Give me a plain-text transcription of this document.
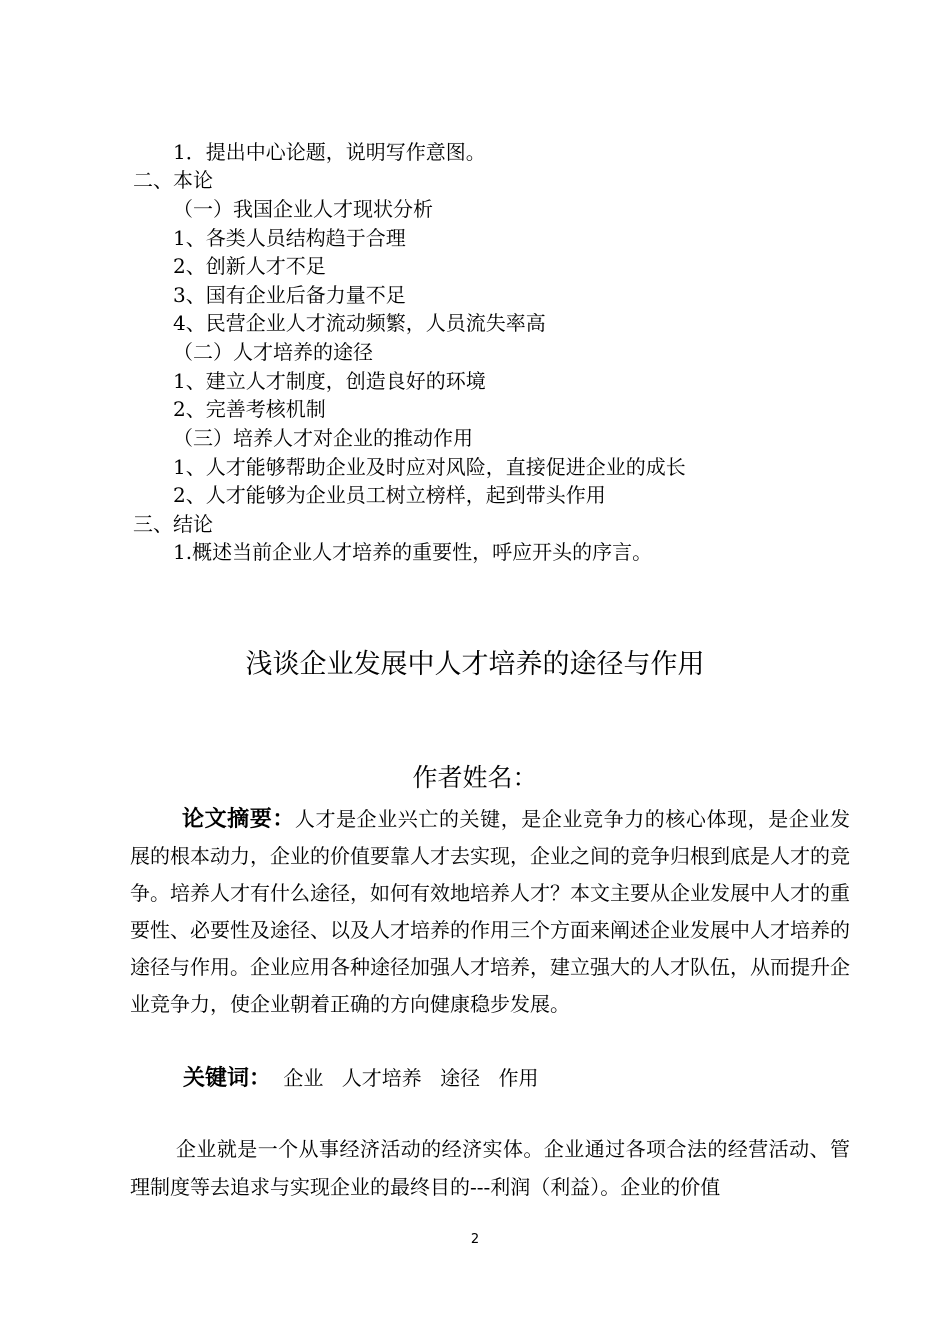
1．提出中心论题，说明写作意图。
二、本论
（一）我国企业人才现状分析
1、各类人员结构趋于合理
2、创新人才不足
3、国有企业后备力量不足
4、民营企业人才流动频繁，人员流失率高
（二）人才培养的途径
1、建立人才制度，创造良好的环境
2、完善考核机制
（三）培养人才对企业的推动作用
1、人才能够帮助企业及时应对风险，直接促进企业的成长
2、人才能够为企业员工树立榜样，起到带头作用
三、结论
1.概述当前企业人才培养的重要性，呼应开头的序言。
浅谈企业发展中人才培养的途径与作用
作者姓名：

论文摘要：人才是企业兴亡的关键，是企业竞争力的核心体现，是企业发展的根本动力，企业的价值要靠人才去实现，企业之间的竞争归根到底是人才的竞争。培养人才有什么途径，如何有效地培养人才？本文主要从企业发展中人才的重要性、必要性及途径、以及人才培养的作用三个方面来阐述企业发展中人才培养的途径与作用。企业应用各种途径加强人才培养，建立强大的人才队伍，从而提升企业竞争力，使企业朝着正确的方向健康稳步发展。

关键词： 企业 人才培养 途径 作用

企业就是一个从事经济活动的经济实体。企业通过各项合法的经营活动、管理制度等去追求与实现企业的最终目的---利润（利益）。企业的价值

2
